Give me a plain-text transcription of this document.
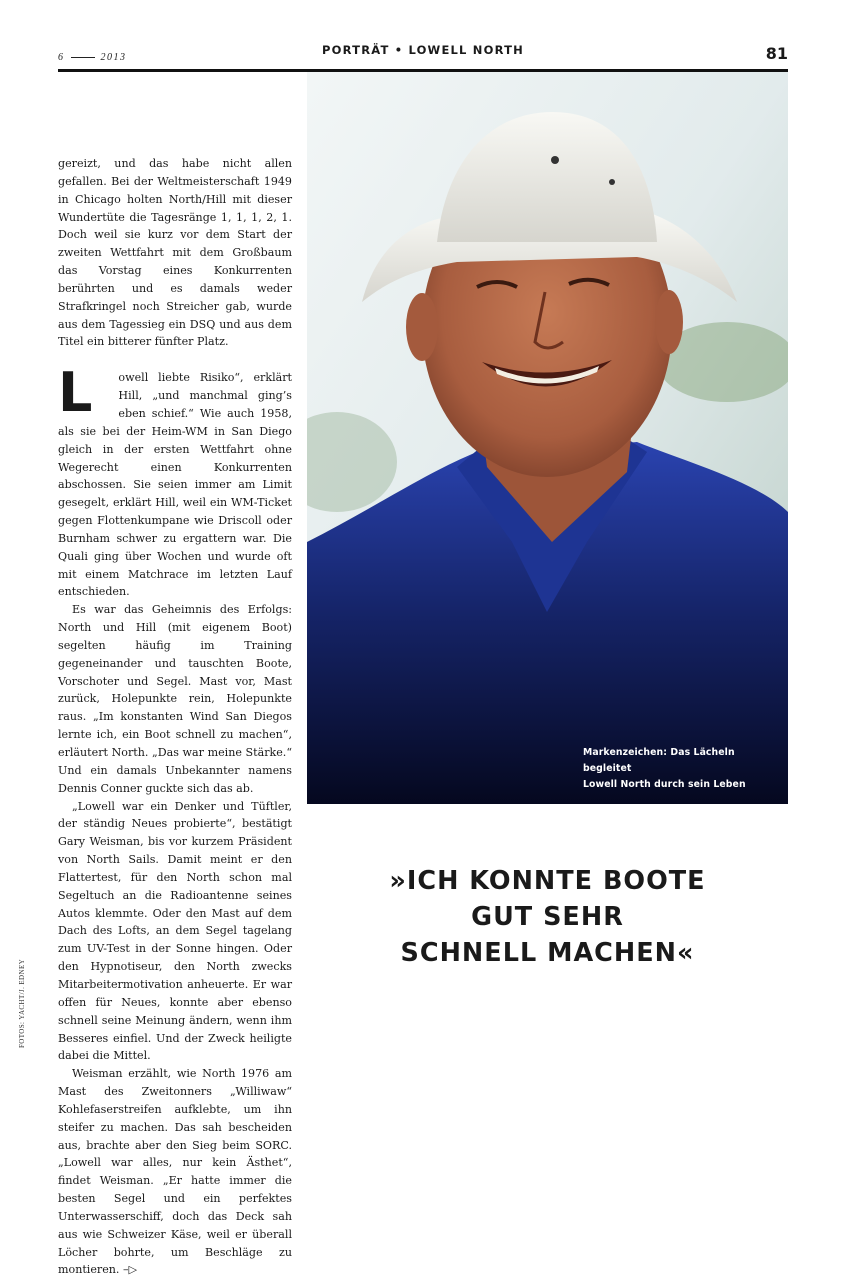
6	2013
PORTRÄT • LOWELL NORTH	81

gereizt, und das habe nicht allen gefallen. Bei der Weltmeisterschaft 1949 in Chicago holten North/Hill mit dieser Wundertüte die Tagesränge 1, 1, 1, 2, 1. Doch weil sie kurz vor dem Start der zweiten Wettfahrt mit dem Großbaum das Vorstag eines Konkurrenten berührten und es damals weder Strafkringel noch Streicher gab, wurde aus dem Tagessieg ein DSQ und aus dem Titel ein bitterer fünfter Platz.

L owell liebte Risiko“, erklärt Hill, „und manchmal ging’s eben schief.“ Wie auch 1958, als sie bei der Heim-WM in San Diego gleich in der ersten Wettfahrt ohne Wegerecht einen Konkurrenten abschossen. Sie seien immer am Limit gesegelt, erklärt Hill, weil ein WM-Ticket gegen Flottenkumpane wie Driscoll oder Burnham schwer zu ergattern war. Die Quali ging über Wochen und wurde oft mit einem Matchrace im letzten Lauf entschieden.

Es war das Geheimnis des Erfolgs: North und Hill (mit eigenem Boot) segelten häufig im Training gegeneinander und tauschten Boote, Vorschoter und Segel. Mast vor, Mast zurück, Holepunkte rein, Holepunkte raus. „Im konstanten Wind San Diegos lernte ich, ein Boot schnell zu machen“, erläutert North. „Das war meine Stärke.“ Und ein damals Unbekannter namens Dennis Conner guckte sich das ab.

„Lowell war ein Denker und Tüftler, der ständig Neues probierte“, bestätigt Gary Weisman, bis vor kurzem Präsident von North Sails. Damit meint er den Flattertest, für den North schon mal Segeltuch an die Radioantenne seines Autos klemmte. Oder den Mast auf dem Dach des Lofts, an dem Segel tagelang zum UV-Test in der Sonne hingen. Oder den Hypnotiseur, den North zwecks Mitarbeitermotivation anheuerte. Er war offen für Neues, konnte aber ebenso schnell seine Meinung ändern, wenn ihm Besseres einfiel. Und der Zweck heiligte dabei die Mittel.

Weisman erzählt, wie North 1976 am Mast des Zweitonners „Williwaw“ Kohlefaserstreifen aufklebte, um ihn steifer zu machen. Das sah bescheiden aus, brachte aber den Sieg beim SORC. „Lowell war alles, nur kein Ästhet“, findet Weisman. „Er hatte immer die besten Segel und ein perfektes Unterwasserschiff, doch das Deck sah aus wie Schweizer Käse, weil er überall Löcher bohrte, um Beschläge zu montieren. –▷

Markenzeichen: Das Lächeln begleitet
Lowell North durch sein Leben
»ICH KONNTE BOOTE
GUT SEHR
SCHNELL MACHEN«
FOTOS: YACHT/J. EDNEY
